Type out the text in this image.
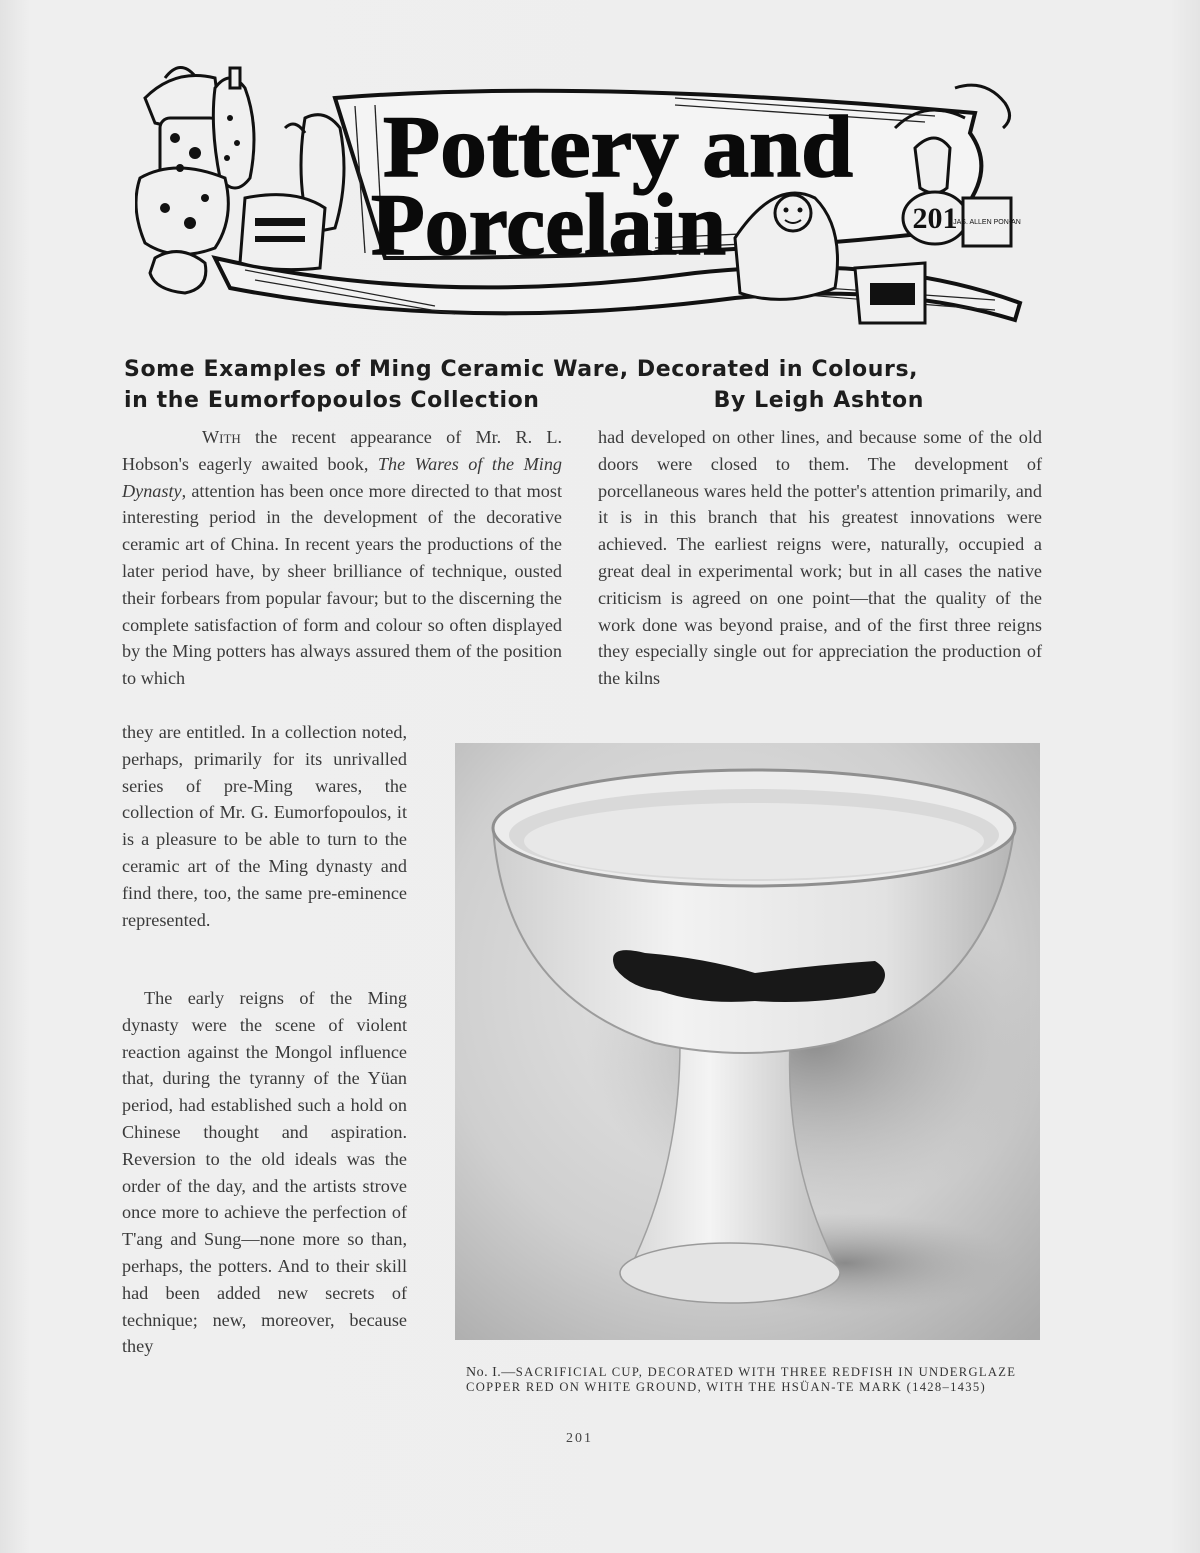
201
JAS. ALLEN PON-AN
Pottery and
Porcelain
Some Examples of Ming Ceramic Ware, Decorated in Colours,
in the Eumorfopoulos Collection	By Leigh Ashton

With the recent appearance of Mr. R. L. Hobson's eagerly awaited book, The Wares of the Ming Dynasty, attention has been once more directed to that most interesting period in the development of the decorative ceramic art of China. In recent years the productions of the later period have, by sheer brilliance of technique, ousted their forbears from popular favour; but to the discerning the complete satisfaction of form and colour so often displayed by the Ming potters has always assured them of the position to which

they are entitled. In a collection noted, perhaps, primarily for its unrivalled series of pre-Ming wares, the collection of Mr. G. Eumorfopoulos, it is a pleasure to be able to turn to the ceramic art of the Ming dynasty and find there, too, the same pre-eminence represented.

The early reigns of the Ming dynasty were the scene of violent reaction against the Mongol influence that, during the tyranny of the Yüan period, had established such a hold on Chinese thought and aspiration. Reversion to the old ideals was the order of the day, and the artists strove once more to achieve the perfection of T'ang and Sung—none more so than, perhaps, the potters. And to their skill had been added new secrets of technique; new, moreover, because they

had developed on other lines, and because some of the old doors were closed to them. The development of porcellaneous wares held the potter's attention primarily, and it is in this branch that his greatest innovations were achieved. The earliest reigns were, naturally, occupied a great deal in experimental work; but in all cases the native criticism is agreed on one point—that the quality of the work done was beyond praise, and of the first three reigns they especially single out for appreciation the production of the kilns

No. I.—SACRIFICIAL CUP, DECORATED WITH THREE REDFISH IN UNDERGLAZE COPPER RED ON WHITE GROUND, WITH THE HSÜAN-TE MARK (1428–1435)
201
